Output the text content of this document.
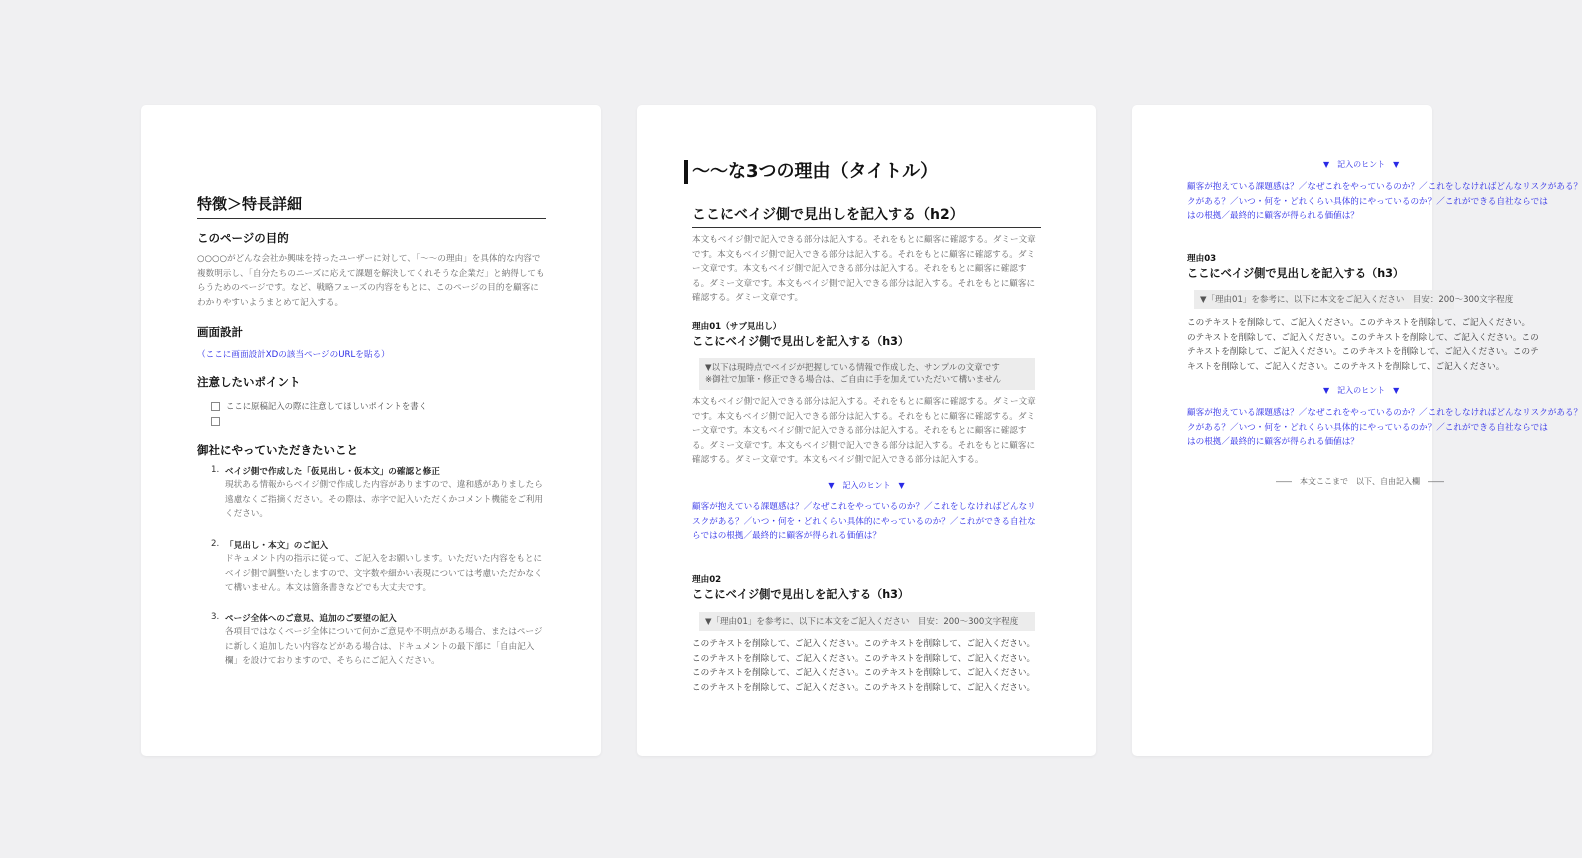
特徴＞特長詳細
このページの目的
○○○○がどんな会社か興味を持ったユーザーに対して、「〜〜の理由」を具体的な内容で複数明示し、「自分たちのニーズに応えて課題を解決してくれそうな企業だ」と納得してもらうためのページです。など、戦略フェーズの内容をもとに、このページの目的を顧客にわかりやすいようまとめて記入する。
画面設計
（ここに画面設計XDの該当ページのURLを貼る）
注意したいポイント
ここに原稿記入の際に注意してほしいポイントを書く
御社にやっていただきたいこと
1. ベイジ側で作成した「仮見出し・仮本文」の確認と修正
現状ある情報からベイジ側で作成した内容がありますので、違和感がありましたら遠慮なくご指摘ください。その際は、赤字で記入いただくかコメント機能をご利用ください。
2. 「見出し・本文」のご記入
ドキュメント内の指示に従って、ご記入をお願いします。いただいた内容をもとにベイジ側で調整いたしますので、文字数や細かい表現については考慮いただかなくて構いません。本文は箇条書きなどでも大丈夫です。
3. ページ全体へのご意見、追加のご要望の記入
各項目ではなくページ全体について何かご意見や不明点がある場合、またはページに新しく追加したい内容などがある場合は、ドキュメントの最下部に「自由記入欄」を設けておりますので、そちらにご記入ください。
〜〜な3つの理由（タイトル）
ここにベイジ側で見出しを記入する（h2）
本文もベイジ側で記入できる部分は記入する。それをもとに顧客に確認する。ダミー文章です。本文もベイジ側で記入できる部分は記入する。それをもとに顧客に確認する。ダミー文章です。本文もベイジ側で記入できる部分は記入する。それをもとに顧客に確認する。ダミー文章です。本文もベイジ側で記入できる部分は記入する。それをもとに顧客に確認する。ダミー文章です。
理由01（サブ見出し）
ここにベイジ側で見出しを記入する（h3）
▼以下は現時点でベイジが把握している情報で作成した、サンプルの文章です
※御社で加筆・修正できる場合は、ご自由に手を加えていただいて構いません
本文もベイジ側で記入できる部分は記入する。それをもとに顧客に確認する。ダミー文章です。本文もベイジ側で記入できる部分は記入する。それをもとに顧客に確認する。ダミー文章です。本文もベイジ側で記入できる部分は記入する。それをもとに顧客に確認する。ダミー文章です。本文もベイジ側で記入できる部分は記入する。それをもとに顧客に確認する。ダミー文章です。本文もベイジ側で記入できる部分は記入する。
▼　記入のヒント　▼
顧客が抱えている課題感は？／なぜこれをやっているのか？／これをしなければどんなリスクがある？／いつ・何を・どれくらい具体的にやっているのか？／これができる自社ならではの根拠／最終的に顧客が得られる価値は？
理由02
ここにベイジ側で見出しを記入する（h3）
▼「理由01」を参考に、以下に本文をご記入ください　目安：200〜300文字程度
このテキストを削除して、ご記入ください。このテキストを削除して、ご記入ください。このテキストを削除して、ご記入ください。このテキストを削除して、ご記入ください。このテキストを削除して、ご記入ください。このテキストを削除して、ご記入ください。このテキストを削除して、ご記入ください。このテキストを削除して、ご記入ください。
▼　記入のヒント　▼
顧客が抱えている課題感は？／なぜこれをやっているのか？／これをしなければどんなリスクがある？
クがある？／いつ・何を・どれくらい具体的にやっているのか？／これができる自社ならでは
はの根拠／最終的に顧客が得られる価値は？
理由03
ここにベイジ側で見出しを記入する（h3）
▼「理由01」を参考に、以下に本文をご記入ください　目安：200〜300文字程度
このテキストを削除して、ご記入ください。このテキストを削除して、ご記入ください。
のテキストを削除して、ご記入ください。このテキストを削除して、ご記入ください。この
テキストを削除して、ご記入ください。このテキストを削除して、ご記入ください。このテ
キストを削除して、ご記入ください。このテキストを削除して、ご記入ください。
▼　記入のヒント　▼
顧客が抱えている課題感は？／なぜこれをやっているのか？／これをしなければどんなリスクがある？
クがある？／いつ・何を・どれくらい具体的にやっているのか？／これができる自社ならでは
はの根拠／最終的に顧客が得られる価値は？
――　本文ここまで　以下、自由記入欄　――
